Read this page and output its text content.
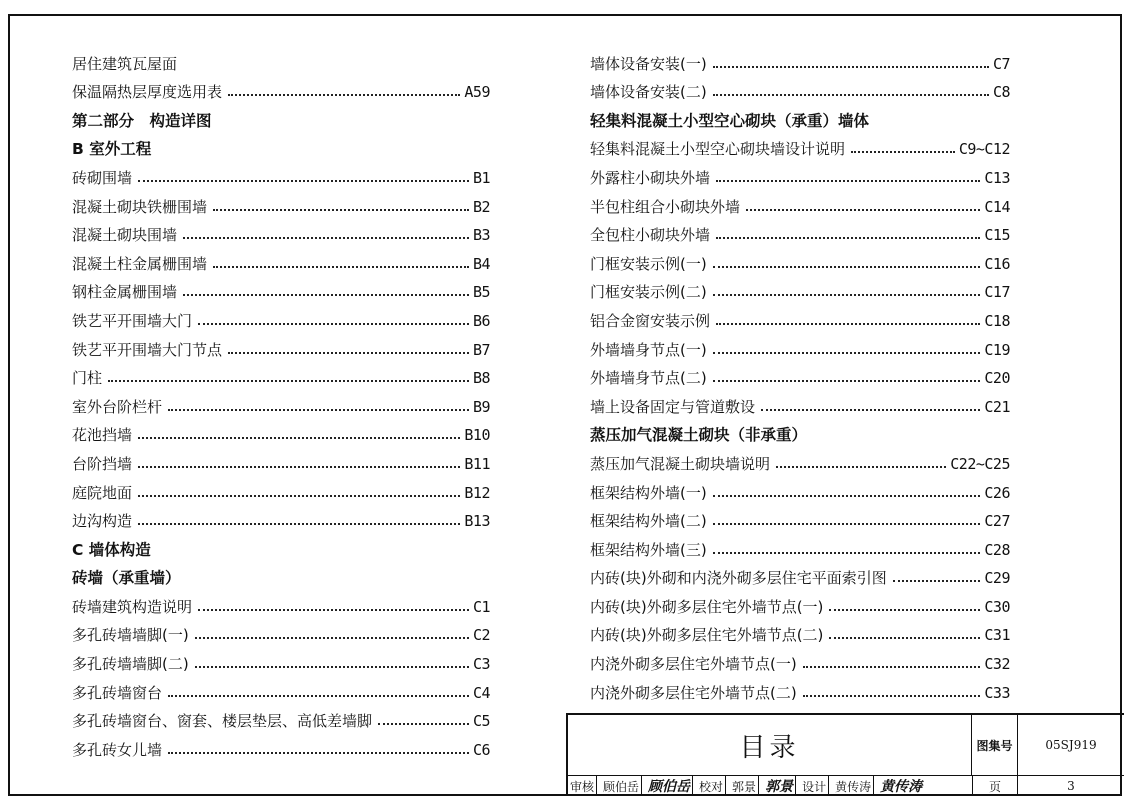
居住建筑瓦屋面
保温隔热层厚度选用表	A59
第二部分　构造详图
B 室外工程
砖砌围墙	B1
混凝土砌块铁栅围墙	B2
混凝土砌块围墙	B3
混凝土柱金属栅围墙	B4
钢柱金属栅围墙	B5
铁艺平开围墙大门	B6
铁艺平开围墙大门节点	B7
门柱	B8
室外台阶栏杆	B9
花池挡墙	B10
台阶挡墙	B11
庭院地面	B12
边沟构造	B13
C 墙体构造
砖墙（承重墙）
砖墙建筑构造说明	C1
多孔砖墙墙脚(一)	C2
多孔砖墙墙脚(二)	C3
多孔砖墙窗台	C4
多孔砖墙窗台、窗套、楼层垫层、高低差墙脚	C5
多孔砖女儿墙	C6
墙体设备安装(一)	C7
墙体设备安装(二)	C8
轻集料混凝土小型空心砌块（承重）墙体
轻集料混凝土小型空心砌块墙设计说明	C9~C12
外露柱小砌块外墙	C13
半包柱组合小砌块外墙	C14
全包柱小砌块外墙	C15
门框安装示例(一)	C16
门框安装示例(二)	C17
铝合金窗安装示例	C18
外墙墙身节点(一)	C19
外墙墙身节点(二)	C20
墙上设备固定与管道敷设	C21
蒸压加气混凝土砌块（非承重）
蒸压加气混凝土砌块墙说明	C22~C25
框架结构外墙(一)	C26
框架结构外墙(二)	C27
框架结构外墙(三)	C28
内砖(块)外砌和内浇外砌多层住宅平面索引图	C29
内砖(块)外砌多层住宅外墙节点(一)	C30
内砖(块)外砌多层住宅外墙节点(二)	C31
内浇外砌多层住宅外墙节点(一)	C32
内浇外砌多层住宅外墙节点(二)	C33
目录	图集号	05SJ919
审核 顾伯岳 顾伯岳 校对 郭景 郭景 设计 黄传涛 黄传涛	页	3
